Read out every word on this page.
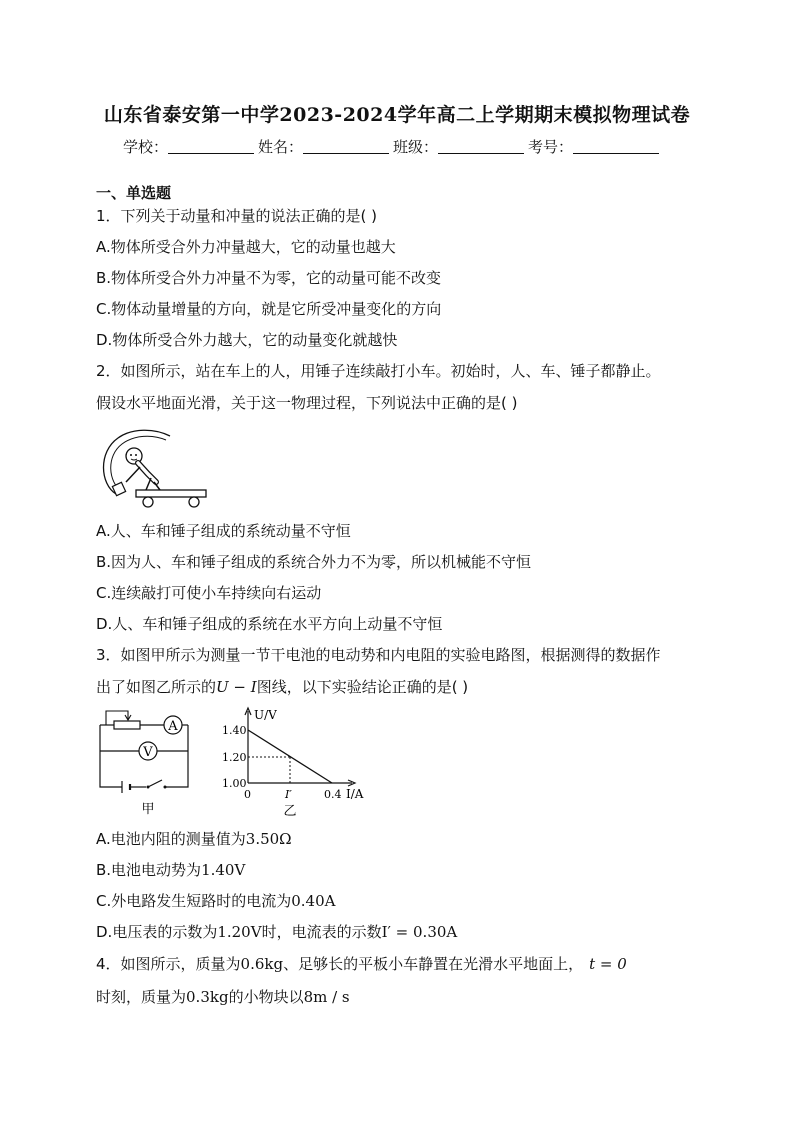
山东省泰安第一中学2023-2024学年高二上学期期末模拟物理试卷
学校：	姓名：	班级：	考号：
一、单选题
1．下列关于动量和冲量的说法正确的是( )
A.物体所受合外力冲量越大，它的动量也越大
B.物体所受合外力冲量不为零，它的动量可能不改变
C.物体动量增量的方向，就是它所受冲量变化的方向
D.物体所受合外力越大，它的动量变化就越快
2．如图所示，站在车上的人，用锤子连续敲打小车。初始时，人、车、锤子都静止。
假设水平地面光滑，关于这一物理过程，下列说法中正确的是( )
A.人、车和锤子组成的系统动量不守恒
B.因为人、车和锤子组成的系统合外力不为零，所以机械能不守恒
C.连续敲打可使小车持续向右运动
D.人、车和锤子组成的系统在水平方向上动量不守恒
3．如图甲所示为测量一节干电池的电动势和内电阻的实验电路图，根据测得的数据作
出了如图乙所示的U − I图线，以下实验结论正确的是( )
A
V
甲
U/V
1.40
1.20
1.00
0	I′	0.4 I/A
乙
A.电池内阻的测量值为3.50Ω
B.电池电动势为1.40V
C.外电路发生短路时的电流为0.40A
D.电压表的示数为1.20V时，电流表的示数I′ = 0.30A
4．如图所示，质量为0.6kg、足够长的平板小车静置在光滑水平地面上， t = 0
时刻，质量为0.3kg的小物块以8m / s
